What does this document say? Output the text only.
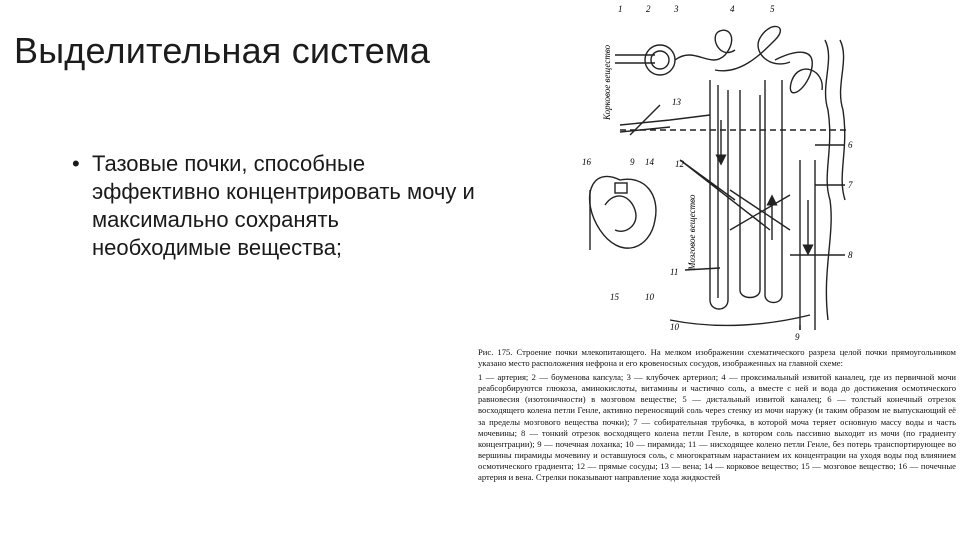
Выделительная система
• Тазовые почки, способные эффективно концентрировать мочу и максимально сохранять необходимые вещества;
Корковое вещество
Мозговое вещество
1	2	3	4	5
6
7
8
9
10
11
12
13
16	9 14
15	10
Рис. 175. Строение почки млекопитающего. На мелком изображении схематического разреза целой почки прямоугольником указано место расположения нефрона и его кровеносных сосудов, изображенных на главной схеме:
1 — артерия; 2 — боуменова капсула; 3 — клубочек артериол; 4 — проксимальный извитой каналец, где из первичной мочи реабсорбируются глюкоза, аминокислоты, витамины и частично соль, а вместе с ней и вода до достижения осмотического равновесия (изотоничности) в мозговом веществе; 5 — дистальный извитой каналец; 6 — толстый конечный отрезок восходящего колена петли Генле, активно переносящий соль через стенку из мочи наружу (и таким образом не выпускающий её за пределы мозгового вещества почки); 7 — собирательная трубочка, в которой моча теряет основную массу воды и часть мочевины; 8 — тонкий отрезок восходящего колена петли Генле, в котором соль пассивно выходит из мочи (по градиенту концентрации); 9 — почечная лоханка; 10 — пирамида; 11 — нисходящее колено петли Генле, без потерь транспортирующее во вершины пирамиды мочевину и оставшуюся соль, с многократным нарастанием их концентрации на уходя воды под влиянием осмотического градиента; 12 — прямые сосуды; 13 — вена; 14 — корковое вещество; 15 — мозговое вещество; 16 — почечные артерия и вена. Стрелки показывают направление хода жидкостей
